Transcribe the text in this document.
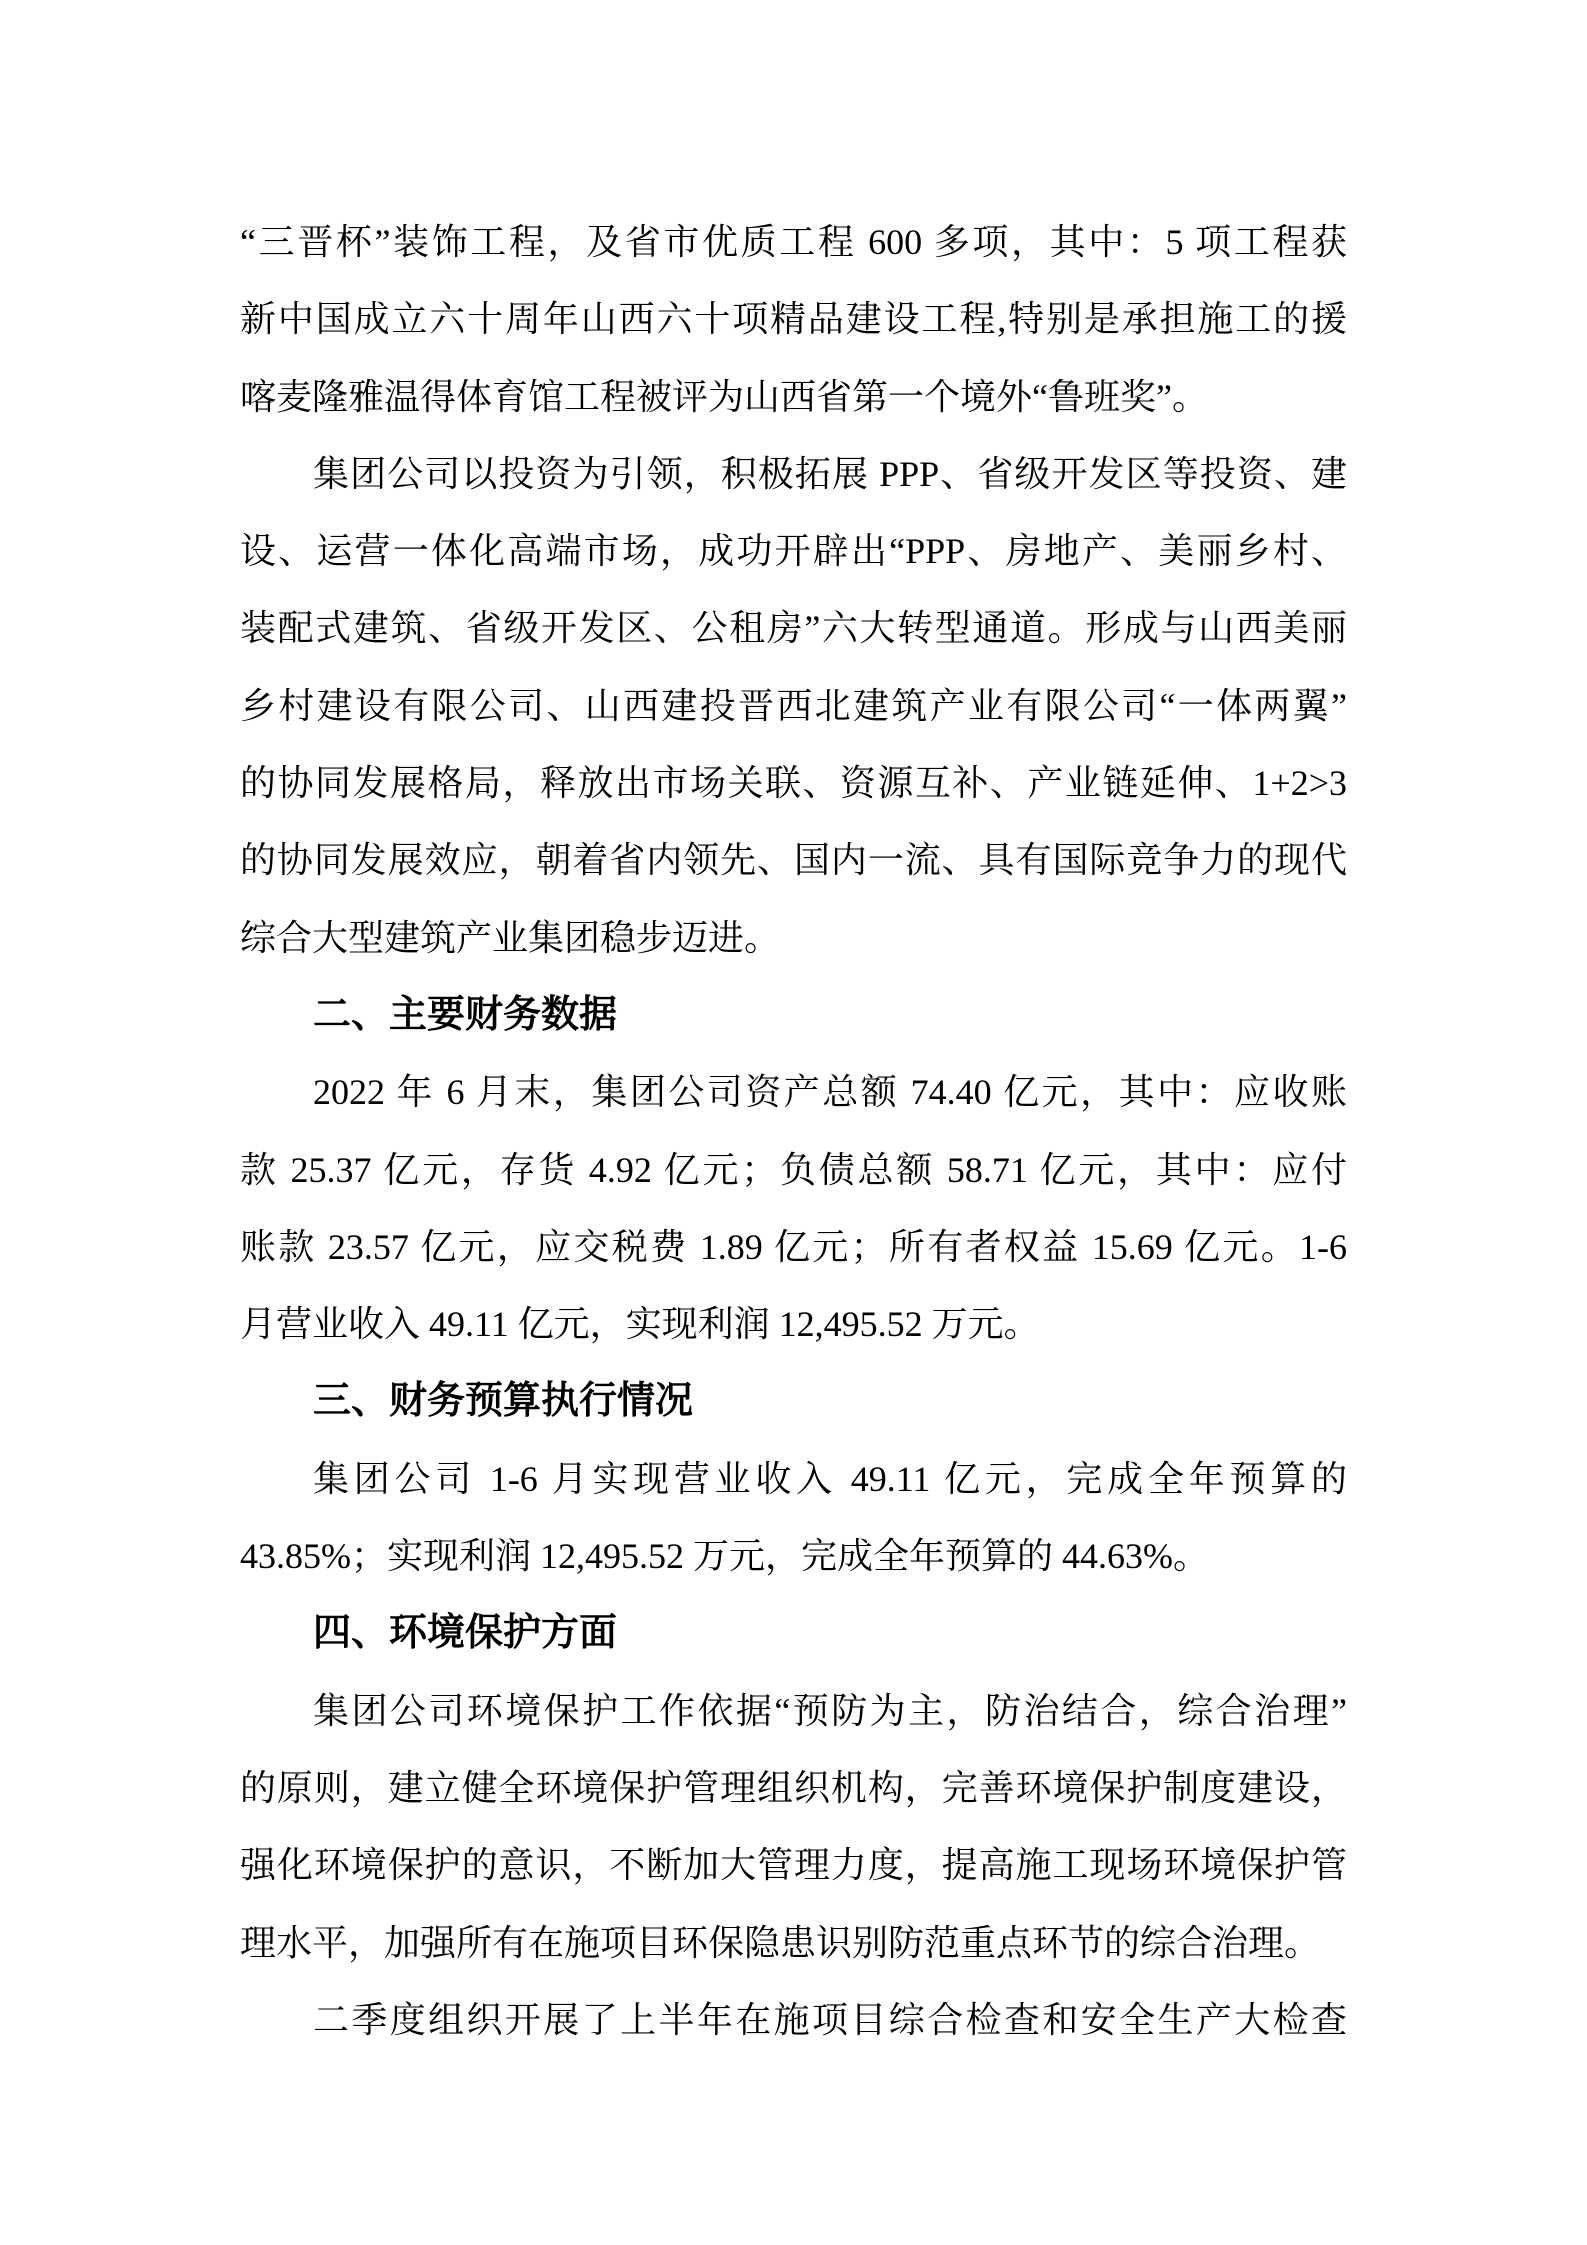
“三晋杯”装饰工程，及省市优质工程 600 多项，其中：5 项工程获
新中国成立六十周年山西六十项精品建设工程,特别是承担施工的援
喀麦隆雅温得体育馆工程被评为山西省第一个境外“鲁班奖”。
集团公司以投资为引领，积极拓展 PPP、省级开发区等投资、建
设、运营一体化高端市场，成功开辟出“PPP、房地产、美丽乡村、
装配式建筑、省级开发区、公租房”六大转型通道。形成与山西美丽
乡村建设有限公司、山西建投晋西北建筑产业有限公司“一体两翼”
的协同发展格局，释放出市场关联、资源互补、产业链延伸、1+2>3
的协同发展效应，朝着省内领先、国内一流、具有国际竞争力的现代
综合大型建筑产业集团稳步迈进。
二、主要财务数据
2022 年 6 月末，集团公司资产总额 74.40 亿元，其中：应收账
款 25.37 亿元，存货 4.92 亿元；负债总额 58.71 亿元，其中：应付
账款 23.57 亿元，应交税费 1.89 亿元；所有者权益 15.69 亿元。1-6
月营业收入 49.11 亿元，实现利润 12,495.52 万元。
三、财务预算执行情况
集团公司 1-6 月实现营业收入 49.11 亿元，完成全年预算的
43.85%；实现利润 12,495.52 万元，完成全年预算的 44.63%。
四、环境保护方面
集团公司环境保护工作依据“预防为主，防治结合，综合治理”
的原则，建立健全环境保护管理组织机构，完善环境保护制度建设，
强化环境保护的意识，不断加大管理力度，提高施工现场环境保护管
理水平，加强所有在施项目环保隐患识别防范重点环节的综合治理。
二季度组织开展了上半年在施项目综合检查和安全生产大检查
